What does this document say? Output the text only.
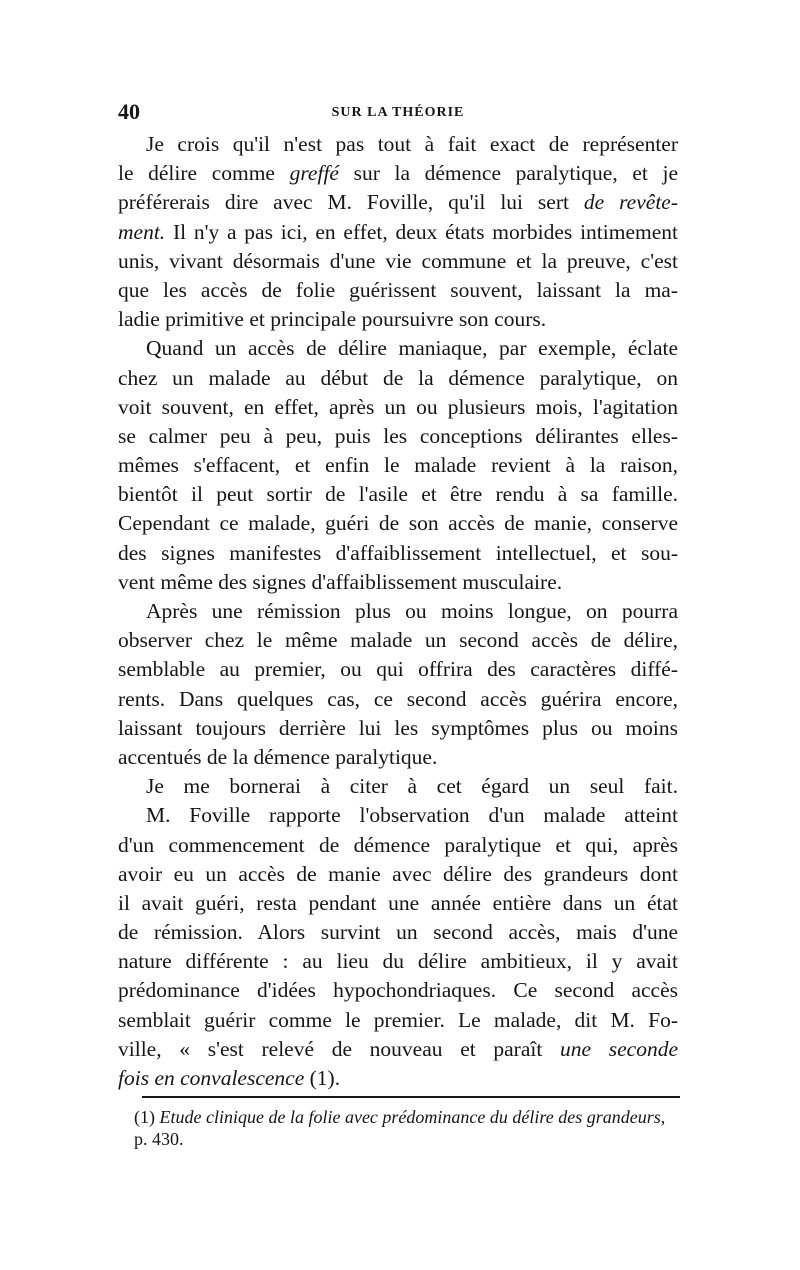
40	SUR LA THÉORIE
Je crois qu'il n'est pas tout à fait exact de représenter
le délire comme greffé sur la démence paralytique, et je
préférerais dire avec M. Foville, qu'il lui sert de revête-
ment. Il n'y a pas ici, en effet, deux états morbides intimement
unis, vivant désormais d'une vie commune et la preuve, c'est
que les accès de folie guérissent souvent, laissant la ma-
ladie primitive et principale poursuivre son cours.
Quand un accès de délire maniaque, par exemple, éclate
chez un malade au début de la démence paralytique, on
voit souvent, en effet, après un ou plusieurs mois, l'agitation
se calmer peu à peu, puis les conceptions délirantes elles-
mêmes s'effacent, et enfin le malade revient à la raison,
bientôt il peut sortir de l'asile et être rendu à sa famille.
Cependant ce malade, guéri de son accès de manie, conserve
des signes manifestes d'affaiblissement intellectuel, et sou-
vent même des signes d'affaiblissement musculaire.
Après une rémission plus ou moins longue, on pourra
observer chez le même malade un second accès de délire,
semblable au premier, ou qui offrira des caractères diffé-
rents. Dans quelques cas, ce second accès guérira encore,
laissant toujours derrière lui les symptômes plus ou moins
accentués de la démence paralytique.
Je me bornerai à citer à cet égard un seul fait.
M. Foville rapporte l'observation d'un malade atteint
d'un commencement de démence paralytique et qui, après
avoir eu un accès de manie avec délire des grandeurs dont
il avait guéri, resta pendant une année entière dans un état
de rémission. Alors survint un second accès, mais d'une
nature différente : au lieu du délire ambitieux, il y avait
prédominance d'idées hypochondriaques. Ce second accès
semblait guérir comme le premier. Le malade, dit M. Fo-
ville, « s'est relevé de nouveau et paraît une seconde
fois en convalescence (1).
(1) Etude clinique de la folie avec prédominance du délire des grandeurs, p. 430.
